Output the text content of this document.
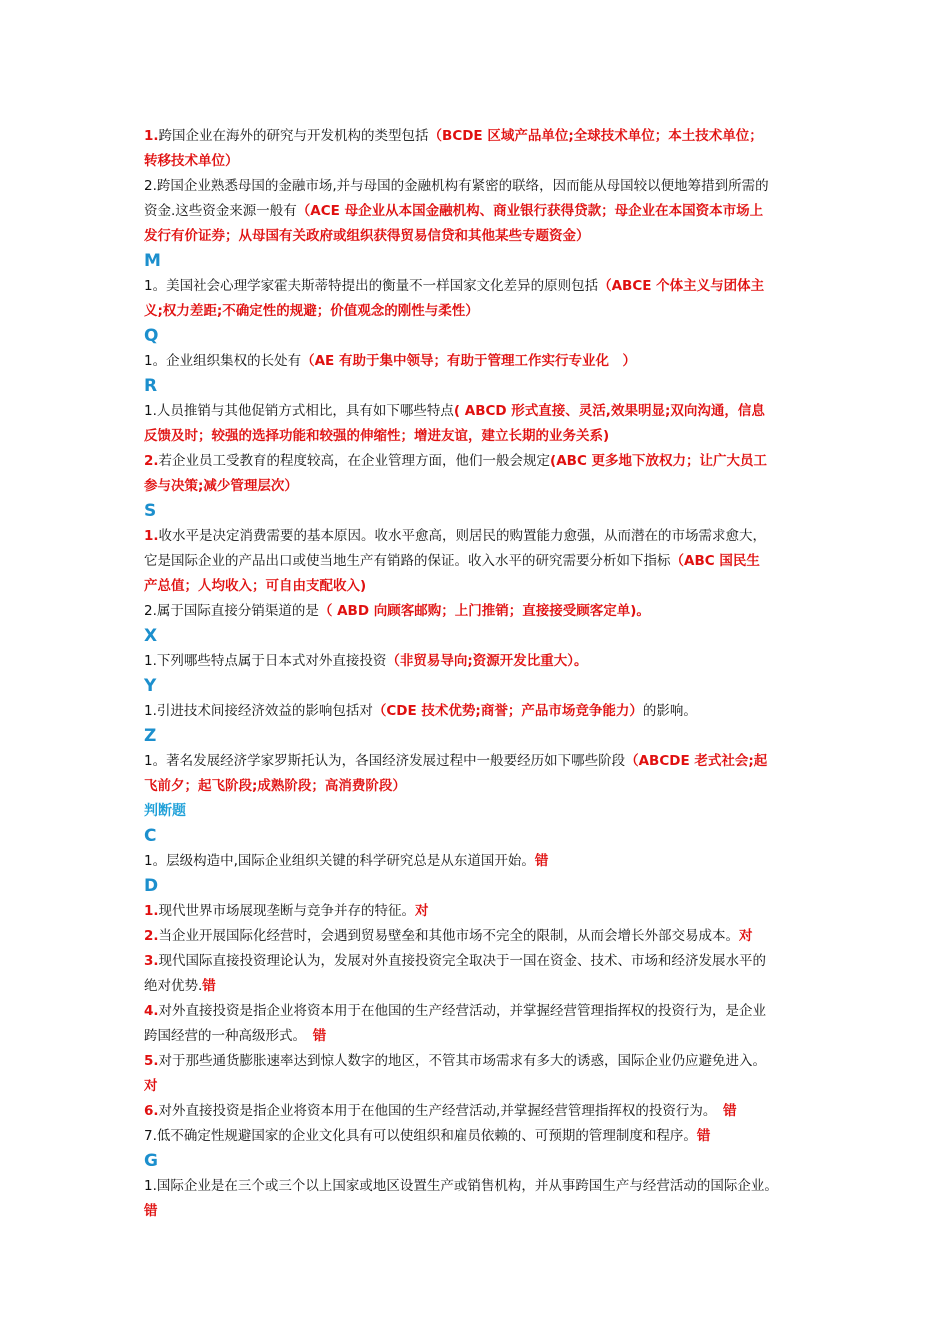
1.跨国企业在海外的研究与开发机构的类型包括（BCDE 区域产品单位;全球技术单位；本土技术单位；
转移技术单位）
2.跨国企业熟悉母国的金融市场,并与母国的金融机构有紧密的联络，因而能从母国较以便地筹措到所需的
资金.这些资金来源一般有（ACE 母企业从本国金融机构、商业银行获得贷款；母企业在本国资本市场上
发行有价证券；从母国有关政府或组织获得贸易信贷和其他某些专题资金）
M
1。美国社会心理学家霍夫斯蒂特提出的衡量不一样国家文化差异的原则包括（ABCE 个体主义与团体主
义;权力差距;不确定性的规避；价值观念的刚性与柔性）
Q
1。企业组织集权的长处有（AE 有助于集中领导；有助于管理工作实行专业化　）
R
1.人员推销与其他促销方式相比，具有如下哪些特点( ABCD 形式直接、灵活,效果明显;双向沟通，信息
反馈及时；较强的选择功能和较强的伸缩性；增进友谊，建立长期的业务关系)
2.若企业员工受教育的程度较高，在企业管理方面，他们一般会规定(ABC 更多地下放权力；让广大员工
参与决策;减少管理层次）
S
1.收水平是决定消费需要的基本原因。收水平愈高，则居民的购置能力愈强，从而潜在的市场需求愈大，
它是国际企业的产品出口或使当地生产有销路的保证。收入水平的研究需要分析如下指标（ABC 国民生
产总值；人均收入；可自由支配收入)
2.属于国际直接分销渠道的是（ ABD 向顾客邮购；上门推销；直接接受顾客定单)。
X
1.下列哪些特点属于日本式对外直接投资（非贸易导向;资源开发比重大）。
Y
1.引进技术间接经济效益的影响包括对（CDE 技术优势;商誉；产品市场竞争能力）的影响。
Z
1。著名发展经济学家罗斯托认为，各国经济发展过程中一般要经历如下哪些阶段（ABCDE 老式社会;起
飞前夕；起飞阶段;成熟阶段；高消费阶段）
判断题
C
1。层级构造中,国际企业组织关键的科学研究总是从东道国开始。错
D
1.现代世界市场展现垄断与竞争并存的特征。对
2.当企业开展国际化经营时，会遇到贸易壁垒和其他市场不完全的限制，从而会增长外部交易成本。对
3.现代国际直接投资理论认为，发展对外直接投资完全取决于一国在资金、技术、市场和经济发展水平的
绝对优势.错
4.对外直接投资是指企业将资本用于在他国的生产经营活动，并掌握经营管理指挥权的投资行为，是企业
跨国经营的一种高级形式。　错
5.对于那些通货膨胀速率达到惊人数字的地区，不管其市场需求有多大的诱惑，国际企业仍应避免进入。
对
6.对外直接投资是指企业将资本用于在他国的生产经营活动,并掌握经营管理指挥权的投资行为。　错
7.低不确定性规避国家的企业文化具有可以使组织和雇员依赖的、可预期的管理制度和程序。错
G
1.国际企业是在三个或三个以上国家或地区设置生产或销售机构，并从事跨国生产与经营活动的国际企业。
错
